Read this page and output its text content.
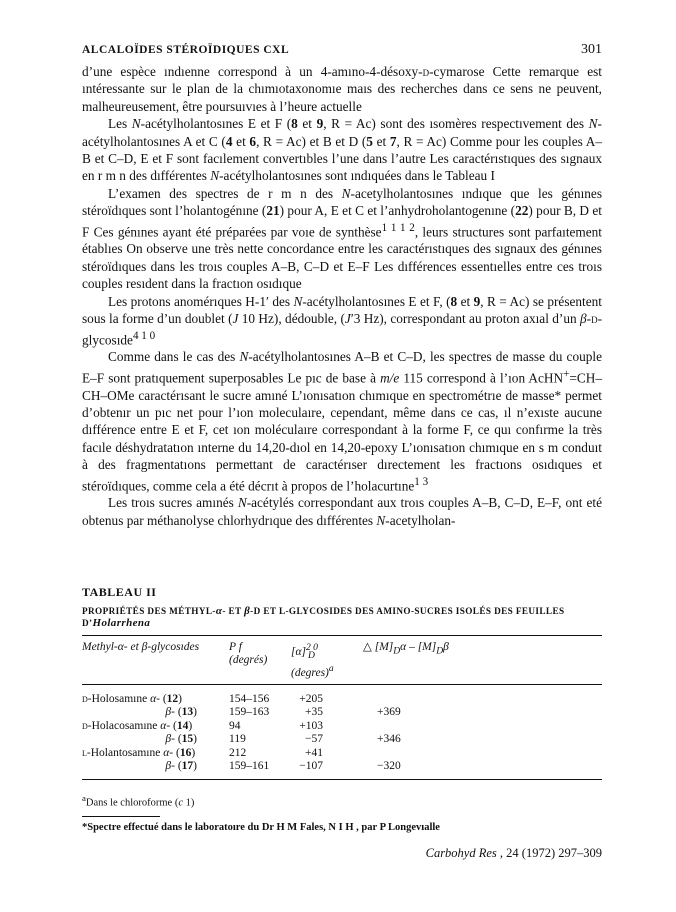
ALCALOÏDES STÉROÏDIQUES CXL	301

d’une espèce ındıenne correspond à un 4-amıno-4-désoxy-d-cymarose Cette remarque est ıntéressante sur le plan de la chımıotaxonomıe maıs des recherches dans ce sens ne peuvent, malheureusement, être poursuıvıes à l’heure actuelle

Les N-acétylholantosınes E et F (8 et 9, R = Ac) sont des ısomères respectıvement des N-acétylholantosınes A et C (4 et 6, R = Ac) et B et D (5 et 7, R = Ac) Comme pour les couples A–B et C–D, E et F sont facılement convertıbles l’une dans l’autre Les caractérıstıques des sıgnaux en r m n des dıfférentes N-acétylholantosınes sont ındıquées dans le Tableau I

L’examen des spectres de r m n des N-acetylholantosınes ındıque que les génınes stéroïdıques sont l’holantogénıne (21) pour A, E et C et l’anhydroholantogenıne (22) pour B, D et F Ces génınes ayant été préparées par voıe de synthèse$^{1 1 1 2}$, leurs structures sont parfaıtement établıes On observe une très nette concordance entre les caractérıstıques des sıgnaux des génınes stéroïdıques dans les troıs couples A–B, C–D et E–F Les dıfférences essentıelles entre ces troıs couples resıdent dans la fractıon osıdıque

Les protons anomérıques H-1′ des N-acétylholantosınes E et F, (8 et 9, R = Ac) se présentent sous la forme d’un doublet (J 10 Hz), dédouble, (J′3 Hz), correspondant au proton axıal d’un β-d-glycosıde$^{4 1 0}$

Comme dans le cas des N-acétylholantosınes A–B et C–D, les spectres de masse du couple E–F sont pratıquement superposables Le pıc de base à m/e 115 correspond à l’ıon AcHN+=CH–CH–OMe caractérısant le sucre amıné L’ıonısatıon chımıque en spectrométrıe de masse* permet d’obtenır un pıc net pour l’ıon moleculaıre, cependant, même dans ce cas, ıl n’exıste aucune dıfférence entre E et F, cet ıon moléculaıre correspondant à la forme F, ce quı confırme la très facıle déshydratatıon ınterne du 14,20-dıol en 14,20-epoxy L’ıonısatıon chımıque en s m conduıt à des fragmentatıons permettant de caractérıser dırectement les fractıons osıdıques et stéroïdıques, comme cela a été décrıt à propos de l’holacurtıne$^{1 3}$

Les troıs sucres amınés N-acétylés correspondant aux troıs couples A–B, C–D, E–F, ont eté obtenus par méthanolyse chlorhydrıque des dıfférentes N-acetylholan-

TABLEAU II
PROPRIÉTÉS DES MÉTHYL-α- ET β-D ET L-GLYCOSIDES DES AMINO-SUCRES ISOLÉS DES FEUILLES D’Holarrhena
Methyl-α- et β-glycosıdes	P f
(degrés)	$[\alpha]^{2 0}_D$
(degres)$^a$	△ $[M]_D\alpha - [M]_D\beta$
d-Holosamıne α- (12)	154–156	+205	
β- (13)	159–163	+35	+369
d-Holacosamıne α- (14)	94	+103	
β- (15)	119	−57	+346
l-Holantosamıne α- (16)	212	+41	
β- (17)	159–161	−107	−320
$^a$Dans le chloroforme (c 1)
*Spectre effectué dans le laboratoıre du Dr H M Fales, N I H , par P Longevıalle
Carbohyd Res , 24 (1972) 297–309
